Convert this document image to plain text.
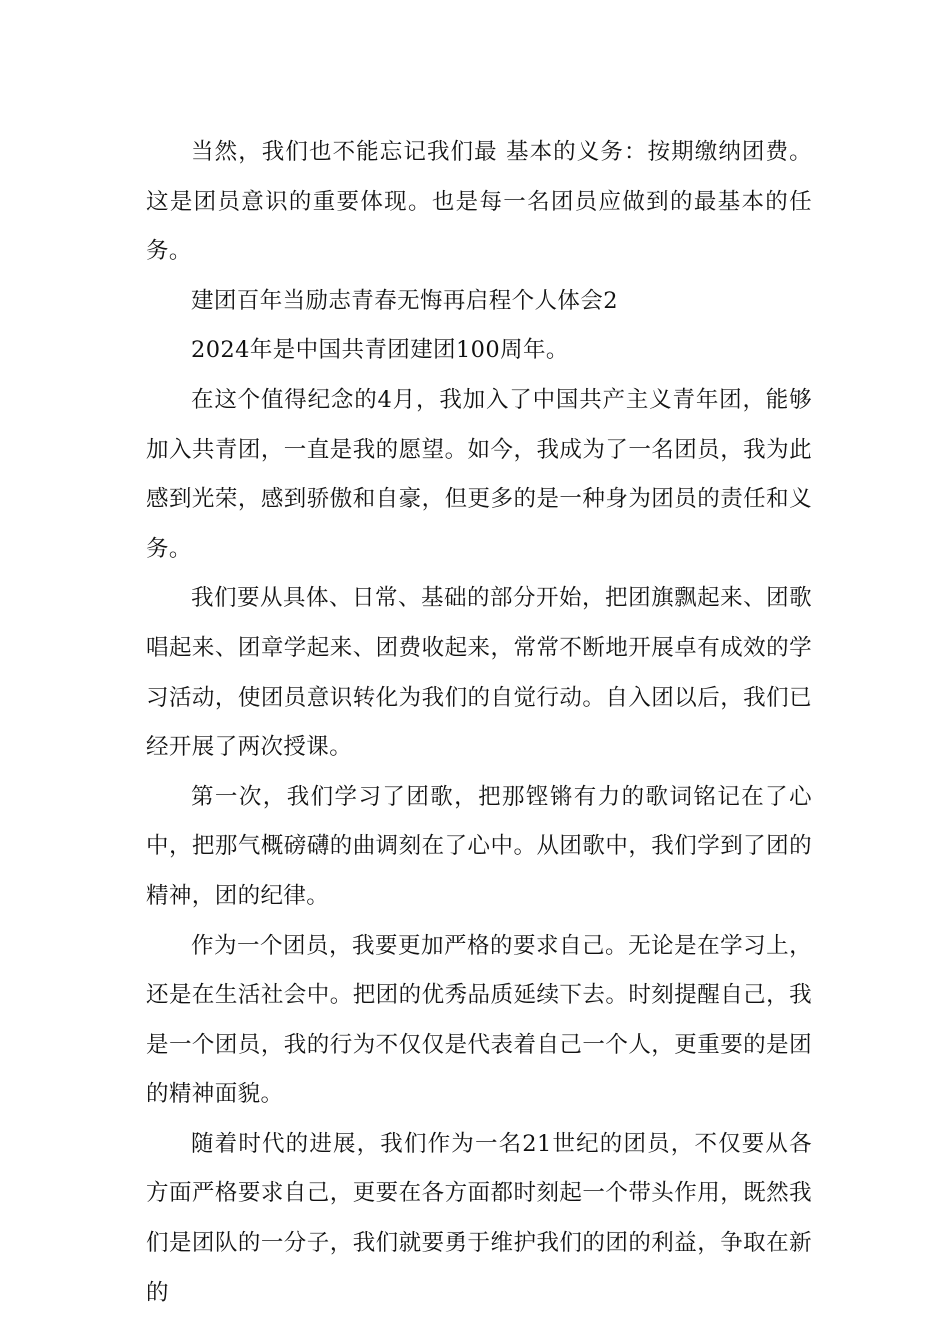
当然，我们也不能忘记我们最 基本的义务：按期缴纳团费。这是团员意识的重要体现。也是每一名团员应做到的最基本的任务。

建团百年当励志青春无悔再启程个人体会2

2024年是中国共青团建团100周年。

在这个值得纪念的4月，我加入了中国共产主义青年团，能够加入共青团，一直是我的愿望。如今，我成为了一名团员，我为此感到光荣，感到骄傲和自豪，但更多的是一种身为团员的责任和义务。

我们要从具体、日常、基础的部分开始，把团旗飘起来、团歌唱起来、团章学起来、团费收起来，常常不断地开展卓有成效的学习活动，使团员意识转化为我们的自觉行动。自入团以后，我们已经开展了两次授课。

第一次，我们学习了团歌，把那铿锵有力的歌词铭记在了心中，把那气概磅礴的曲调刻在了心中。从团歌中，我们学到了团的精神，团的纪律。

作为一个团员，我要更加严格的要求自己。无论是在学习上，还是在生活社会中。把团的优秀品质延续下去。时刻提醒自己，我是一个团员，我的行为不仅仅是代表着自己一个人，更重要的是团的精神面貌。

随着时代的进展，我们作为一名21世纪的团员，不仅要从各方面严格要求自己，更要在各方面都时刻起一个带头作用，既然我们是团队的一分子，我们就要勇于维护我们的团的利益，争取在新的
